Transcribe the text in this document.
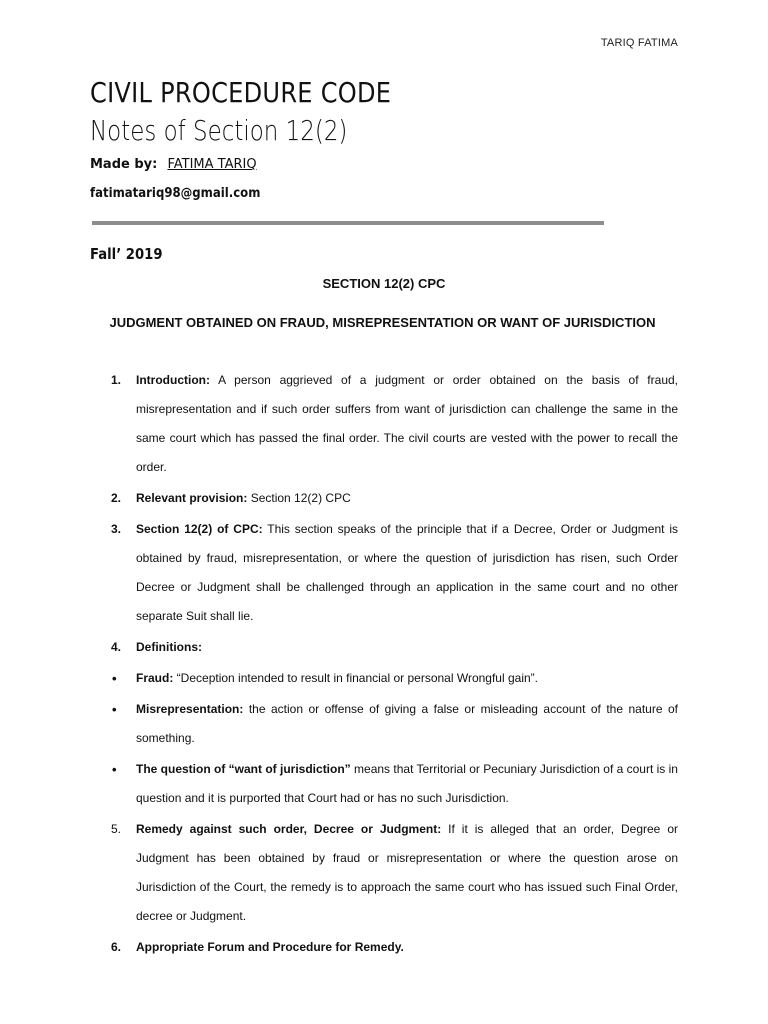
TARIQ FATIMA
CIVIL PROCEDURE CODE
Notes of Section 12(2)
Made by: FATIMA TARIQ
fatimatariq98@gmail.com
Fall’ 2019
SECTION 12(2) CPC
JUDGMENT OBTAINED ON FRAUD, MISREPRESENTATION OR WANT OF JURISDICTION
1. Introduction: A person aggrieved of a judgment or order obtained on the basis of fraud, misrepresentation and if such order suffers from want of jurisdiction can challenge the same in the same court which has passed the final order. The civil courts are vested with the power to recall the order.
2. Relevant provision: Section 12(2) CPC
3. Section 12(2) of CPC: This section speaks of the principle that if a Decree, Order or Judgment is obtained by fraud, misrepresentation, or where the question of jurisdiction has risen, such Order Decree or Judgment shall be challenged through an application in the same court and no other separate Suit shall lie.
4. Definitions:
• Fraud: “Deception intended to result in financial or personal Wrongful gain”.
• Misrepresentation: the action or offense of giving a false or misleading account of the nature of something.
• The question of “want of jurisdiction” means that Territorial or Pecuniary Jurisdiction of a court is in question and it is purported that Court had or has no such Jurisdiction.
5. Remedy against such order, Decree or Judgment: If it is alleged that an order, Degree or Judgment has been obtained by fraud or misrepresentation or where the question arose on Jurisdiction of the Court, the remedy is to approach the same court who has issued such Final Order, decree or Judgment.
6. Appropriate Forum and Procedure for Remedy.
